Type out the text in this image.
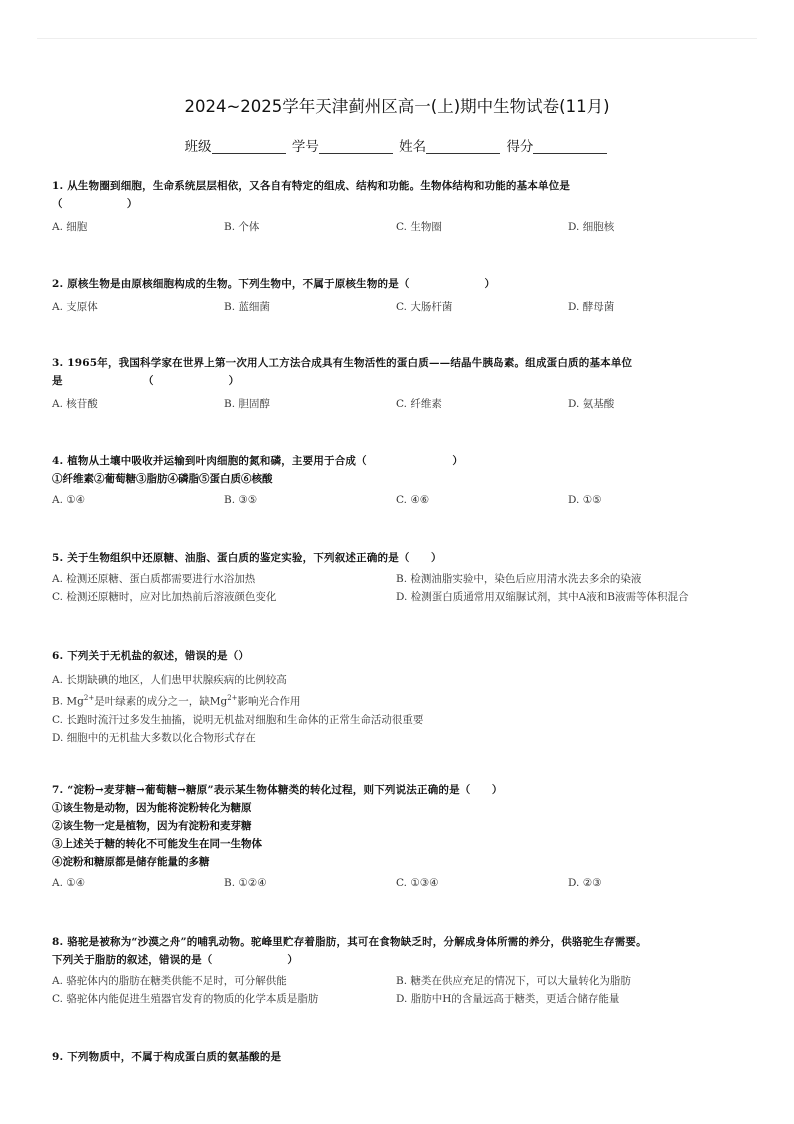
2024~2025学年天津蓟州区高一(上)期中生物试卷(11月)
班级	学号	姓名	得分
1. 从生物圈到细胞，生命系统层层相依，又各自有特定的组成、结构和功能。生物体结构和功能的基本单位是
（　　　　　　）
A. 细胞	B. 个体	C. 生物圈	D. 细胞核
2. 原核生物是由原核细胞构成的生物。下列生物中，不属于原核生物的是（　　　　　　　）
A. 支原体	B. 蓝细菌	C. 大肠杆菌	D. 酵母菌
3. 1965年，我国科学家在世界上第一次用人工方法合成具有生物活性的蛋白质——结晶牛胰岛素。组成蛋白质的基本单位
是　　　　　　　　（　　　　　　　）
A. 核苷酸	B. 胆固醇	C. 纤维素	D. 氨基酸
4. 植物从土壤中吸收并运输到叶肉细胞的氮和磷，主要用于合成（　　　　　　　　）
①纤维素②葡萄糖③脂肪④磷脂⑤蛋白质⑥核酸
A. ①④	B. ③⑤	C. ④⑥	D. ①⑤
5. 关于生物组织中还原糖、油脂、蛋白质的鉴定实验，下列叙述正确的是（　　）
A. 检测还原糖、蛋白质都需要进行水浴加热	B. 检测油脂实验中，染色后应用清水洗去多余的染液
C. 检测还原糖时，应对比加热前后溶液颜色变化	D. 检测蛋白质通常用双缩脲试剂，其中A液和B液需等体积混合
6. 下列关于无机盐的叙述，错误的是（）
A. 长期缺碘的地区，人们患甲状腺疾病的比例较高
B. $Mg^{2+}$是叶绿素的成分之一，缺$Mg^{2+}$影响光合作用
C. 长跑时流汗过多发生抽搐，说明无机盐对细胞和生命体的正常生命活动很重要
D. 细胞中的无机盐大多数以化合物形式存在
7. “淀粉→麦芽糖→葡萄糖→糖原”表示某生物体糖类的转化过程，则下列说法正确的是（　　）
①该生物是动物，因为能将淀粉转化为糖原
②该生物一定是植物，因为有淀粉和麦芽糖
③上述关于糖的转化不可能发生在同一生物体
④淀粉和糖原都是储存能量的多糖
A. ①④	B. ①②④	C. ①③④	D. ②③
8. 骆驼是被称为“沙漠之舟”的哺乳动物。驼峰里贮存着脂肪，其可在食物缺乏时，分解成身体所需的养分，供骆驼生存需要。
下列关于脂肪的叙述，错误的是（　　　　　　　）
A. 骆驼体内的脂肪在糖类供能不足时，可分解供能	B. 糖类在供应充足的情况下，可以大量转化为脂肪
C. 骆驼体内能促进生殖器官发育的物质的化学本质是脂肪	D. 脂肪中H的含量远高于糖类，更适合储存能量
9. 下列物质中，不属于构成蛋白质的氨基酸的是
